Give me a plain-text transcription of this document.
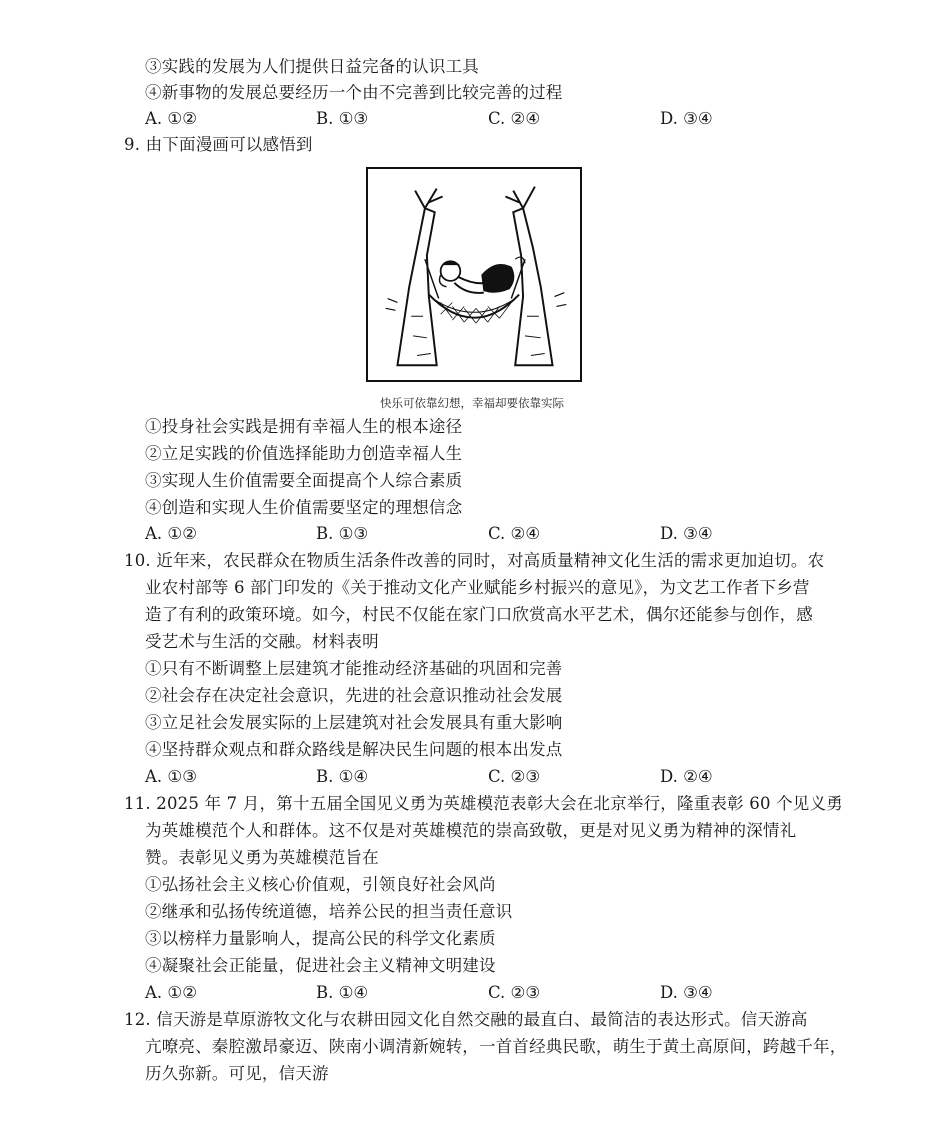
③实践的发展为人们提供日益完备的认识工具
④新事物的发展总要经历一个由不完善到比较完善的过程
A. ①②	B. ①③	C. ②④	D. ③④
9. 由下面漫画可以感悟到
快乐可依靠幻想，幸福却要依靠实际
①投身社会实践是拥有幸福人生的根本途径
②立足实践的价值选择能助力创造幸福人生
③实现人生价值需要全面提高个人综合素质
④创造和实现人生价值需要坚定的理想信念
A. ①②	B. ①③	C. ②④	D. ③④
10. 近年来，农民群众在物质生活条件改善的同时，对高质量精神文化生活的需求更加迫切。农
业农村部等 6 部门印发的《关于推动文化产业赋能乡村振兴的意见》，为文艺工作者下乡营
造了有利的政策环境。如今，村民不仅能在家门口欣赏高水平艺术，偶尔还能参与创作，感
受艺术与生活的交融。材料表明
①只有不断调整上层建筑才能推动经济基础的巩固和完善
②社会存在决定社会意识，先进的社会意识推动社会发展
③立足社会发展实际的上层建筑对社会发展具有重大影响
④坚持群众观点和群众路线是解决民生问题的根本出发点
A. ①③	B. ①④	C. ②③	D. ②④
11. 2025 年 7 月，第十五届全国见义勇为英雄模范表彰大会在北京举行，隆重表彰 60 个见义勇
为英雄模范个人和群体。这不仅是对英雄模范的崇高致敬，更是对见义勇为精神的深情礼
赞。表彰见义勇为英雄模范旨在
①弘扬社会主义核心价值观，引领良好社会风尚
②继承和弘扬传统道德，培养公民的担当责任意识
③以榜样力量影响人，提高公民的科学文化素质
④凝聚社会正能量，促进社会主义精神文明建设
A. ①②	B. ①④	C. ②③	D. ③④
12. 信天游是草原游牧文化与农耕田园文化自然交融的最直白、最简洁的表达形式。信天游高
亢嘹亮、秦腔激昂豪迈、陕南小调清新婉转，一首首经典民歌，萌生于黄土高原间，跨越千年，
历久弥新。可见，信天游
